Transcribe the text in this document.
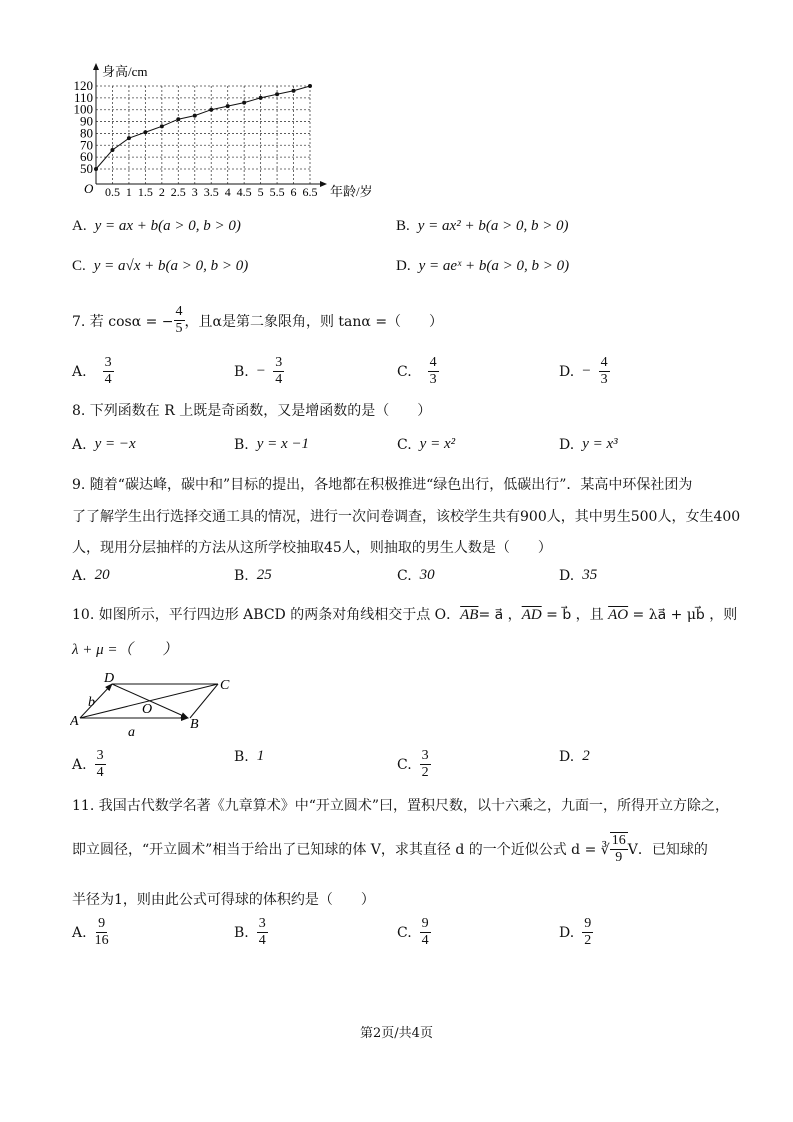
身高/cm
年龄/岁
O
50
60
70
80
90
100
110
120
0.5 1 1.5 2 2.5 3 3.5 4 4.5 5 5.5 6 6.5
A. y = ax + b(a > 0, b > 0)	B. y = ax² + b(a > 0, b > 0)
C. y = a√x + b(a > 0, b > 0)	D. y = aeˣ + b(a > 0, b > 0)
7. 若 cosα = − $\frac{4}{5}$ ，且α是第二象限角，则 tanα =（　　）
A. $\frac{3}{4}$	B. − $\frac{3}{4}$	C. $\frac{4}{3}$	D. − $\frac{4}{3}$
8. 下列函数在 R 上既是奇函数，又是增函数的是（　　）
A. y = −x	B. y = x −1	C. y = x²	D. y = x³
9. 随着“碳达峰，碳中和”目标的提出，各地都在积极推进“绿色出行，低碳出行”．某高中环保社团为
了了解学生出行选择交通工具的情况，进行一次问卷调查，该校学生共有900人，其中男生500人，女生400
人，现用分层抽样的方法从这所学校抽取45人，则抽取的男生人数是（　　）
A. 20	B. 25	C. 30	D. 35
10. 如图所示，平行四边形 ABCD 的两条对角线相交于点 O．$\overline{AB}=$ a⃗ ，$\overline{AD}$ = b⃗ ，且 $\overline{AO}$ = λa⃗ + μb⃗ ，则
λ + μ =（　　）
A	B
C
D
O
a
b
A. $\frac{3}{4}$	B. 1
C. $\frac{3}{2}$	D. 2
11. 我国古代数学名著《九章算术》中“开立圆术”曰，置积尺数，以十六乘之，九面一，所得开立方除之，
即立圆径，“开立圆术”相当于给出了已知球的体 V，求其直径 d 的一个近似公式 d = ∛ $\frac{16}{9}$ V．已知球的
半径为1，则由此公式可得球的体积约是（　　）
A. $\frac{9}{16}$	B. $\frac{3}{4}$	C. $\frac{9}{4}$	D. $\frac{9}{2}$
第2页/共4页
